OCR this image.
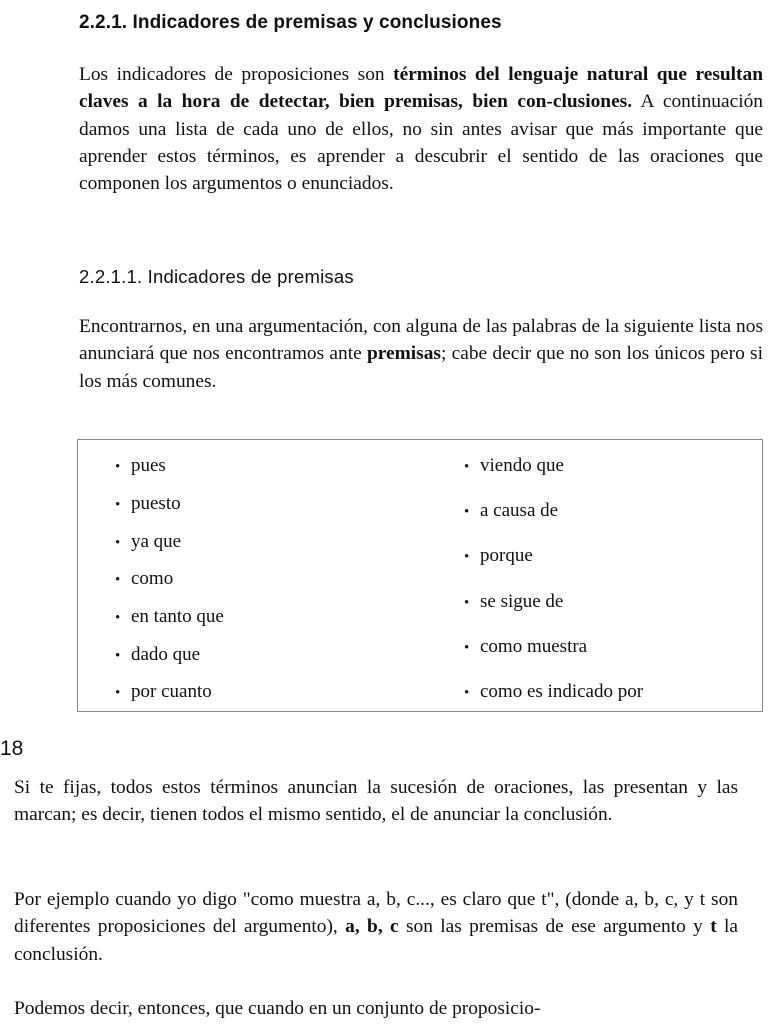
2.2.1. Indicadores de premisas y conclusiones

Los indicadores de proposiciones son términos del lenguaje natural que resultan claves a la hora de detectar, bien premisas, bien con-clusiones. A continuación damos una lista de cada uno de ellos, no sin antes avisar que más importante que aprender estos términos, es aprender a descubrir el sentido de las oraciones que componen los argumentos o enunciados.

2.2.1.1. Indicadores de premisas

Encontrarnos, en una argumentación, con alguna de las palabras de la siguiente lista nos anunciará que nos encontramos ante premisas; cabe decir que no son los únicos pero si los más comunes.

• pues
• puesto
• ya que
• como
• en tanto que
• dado que
• por cuanto
• viendo que
• a causa de
• porque
• se sigue de
• como muestra
• como es indicado por
18

Si te fijas, todos estos términos anuncian la sucesión de oraciones, las presentan y las marcan; es decir, tienen todos el mismo sentido, el de anunciar la conclusión.

Por ejemplo cuando yo digo "como muestra a, b, c..., es claro que t", (donde a, b, c, y t son diferentes proposiciones del argumento), a, b, c son las premisas de ese argumento y t la conclusión.

Podemos decir, entonces, que cuando en un conjunto de proposicio-
